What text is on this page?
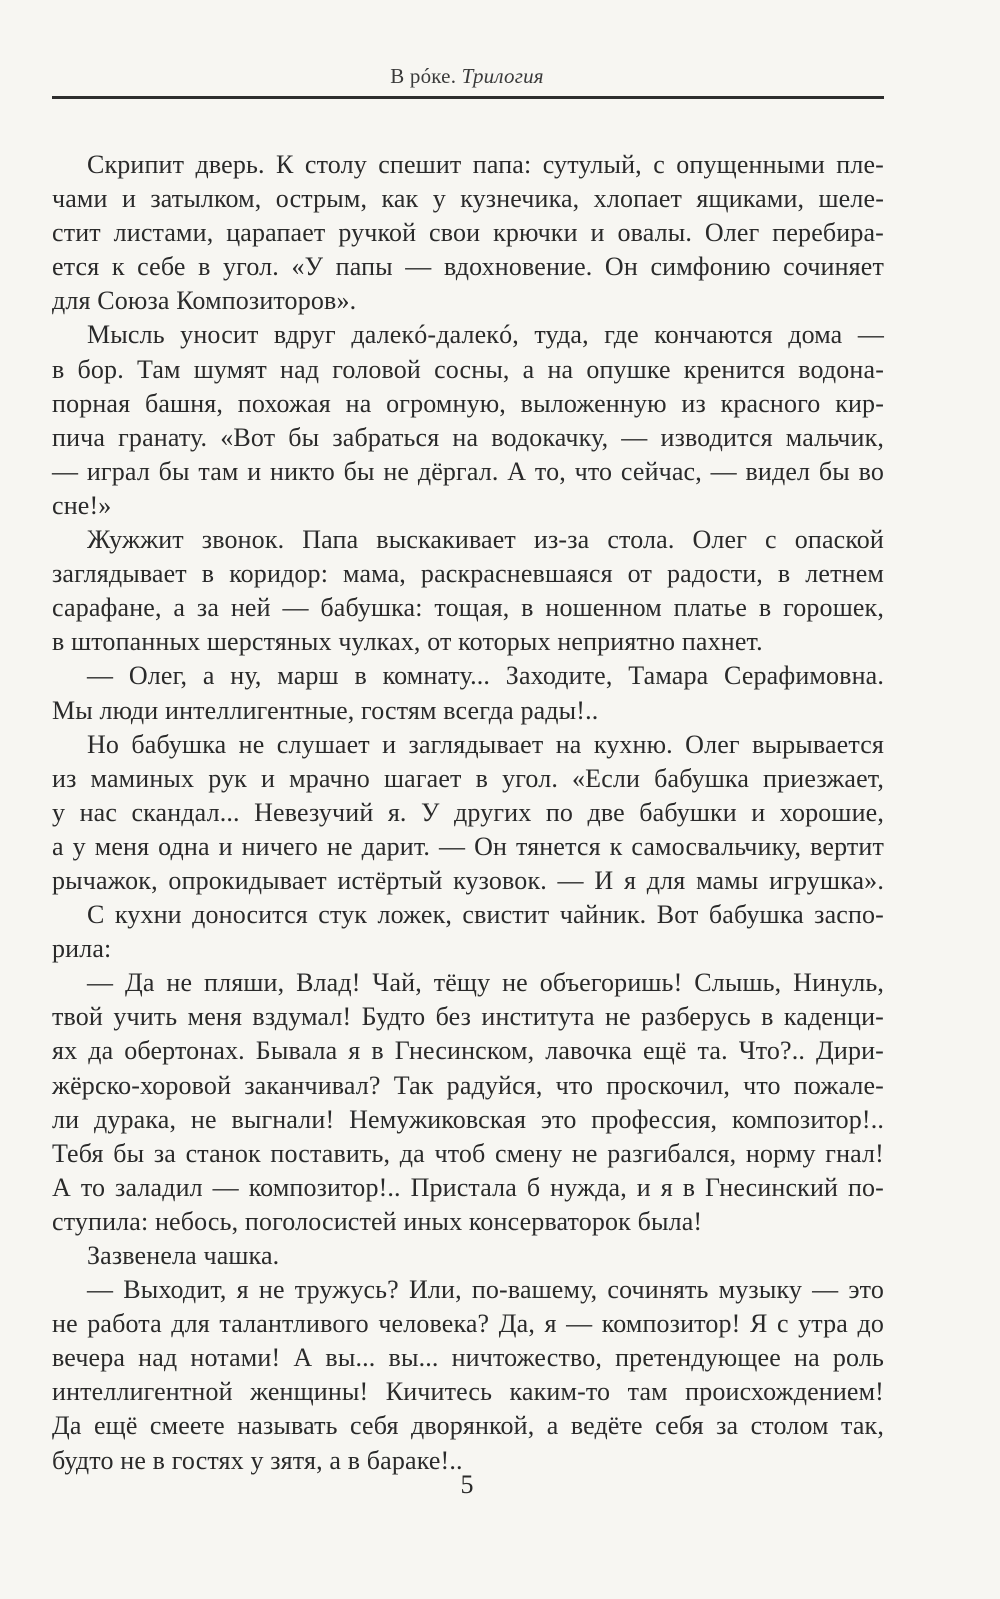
В рóке. Трилогия
Скрипит дверь. К столу спешит папа: сутулый, с опущенными пле-
чами и затылком, острым, как у кузнечика, хлопает ящиками, шеле-
стит листами, царапает ручкой свои крючки и овалы. Олег перебира-
ется к себе в угол. «У папы — вдохновение. Он симфонию сочиняет
для Союза Композиторов».
Мысль уносит вдруг далекó-далекó, туда, где кончаются дома —
в бор. Там шумят над головой сосны, а на опушке кренится водона-
порная башня, похожая на огромную, выложенную из красного кир-
пича гранату. «Вот бы забраться на водокачку, — изводится мальчик,
— играл бы там и никто бы не дёргал. А то, что сейчас, — видел бы во
сне!»
Жужжит звонок. Папа выскакивает из-за стола. Олег с опаской
заглядывает в коридор: мама, раскрасневшаяся от радости, в летнем
сарафане, а за ней — бабушка: тощая, в ношенном платье в горошек,
в штопанных шерстяных чулках, от которых неприятно пахнет.
— Олег, а ну, марш в комнату... Заходите, Тамара Серафимовна.
Мы люди интеллигентные, гостям всегда рады!..
Но бабушка не слушает и заглядывает на кухню. Олег вырывается
из маминых рук и мрачно шагает в угол. «Если бабушка приезжает,
у нас скандал... Невезучий я. У других по две бабушки и хорошие,
а у меня одна и ничего не дарит. — Он тянется к самосвальчику, вертит
рычажок, опрокидывает истёртый кузовок. — И я для мамы игрушка».
С кухни доносится стук ложек, свистит чайник. Вот бабушка заспо-
рила:
— Да не пляши, Влад! Чай, тёщу не объегоришь! Слышь, Нинуль,
твой учить меня вздумал! Будто без института не разберусь в каденци-
ях да обертонах. Бывала я в Гнесинском, лавочка ещё та. Что?.. Дири-
жёрско-хоровой заканчивал? Так радуйся, что проскочил, что пожале-
ли дурака, не выгнали! Немужиковская это профессия, композитор!..
Тебя бы за станок поставить, да чтоб смену не разгибался, норму гнал!
А то заладил — композитор!.. Пристала б нужда, и я в Гнесинский по-
ступила: небось, поголосистей иных консерваторок была!
Зазвенела чашка.
— Выходит, я не тружусь? Или, по-вашему, сочинять музыку — это
не работа для талантливого человека? Да, я — композитор! Я с утра до
вечера над нотами! А вы... вы... ничтожество, претендующее на роль
интеллигентной женщины! Кичитесь каким-то там происхождением!
Да ещё смеете называть себя дворянкой, а ведёте себя за столом так,
будто не в гостях у зятя, а в бараке!..
5
